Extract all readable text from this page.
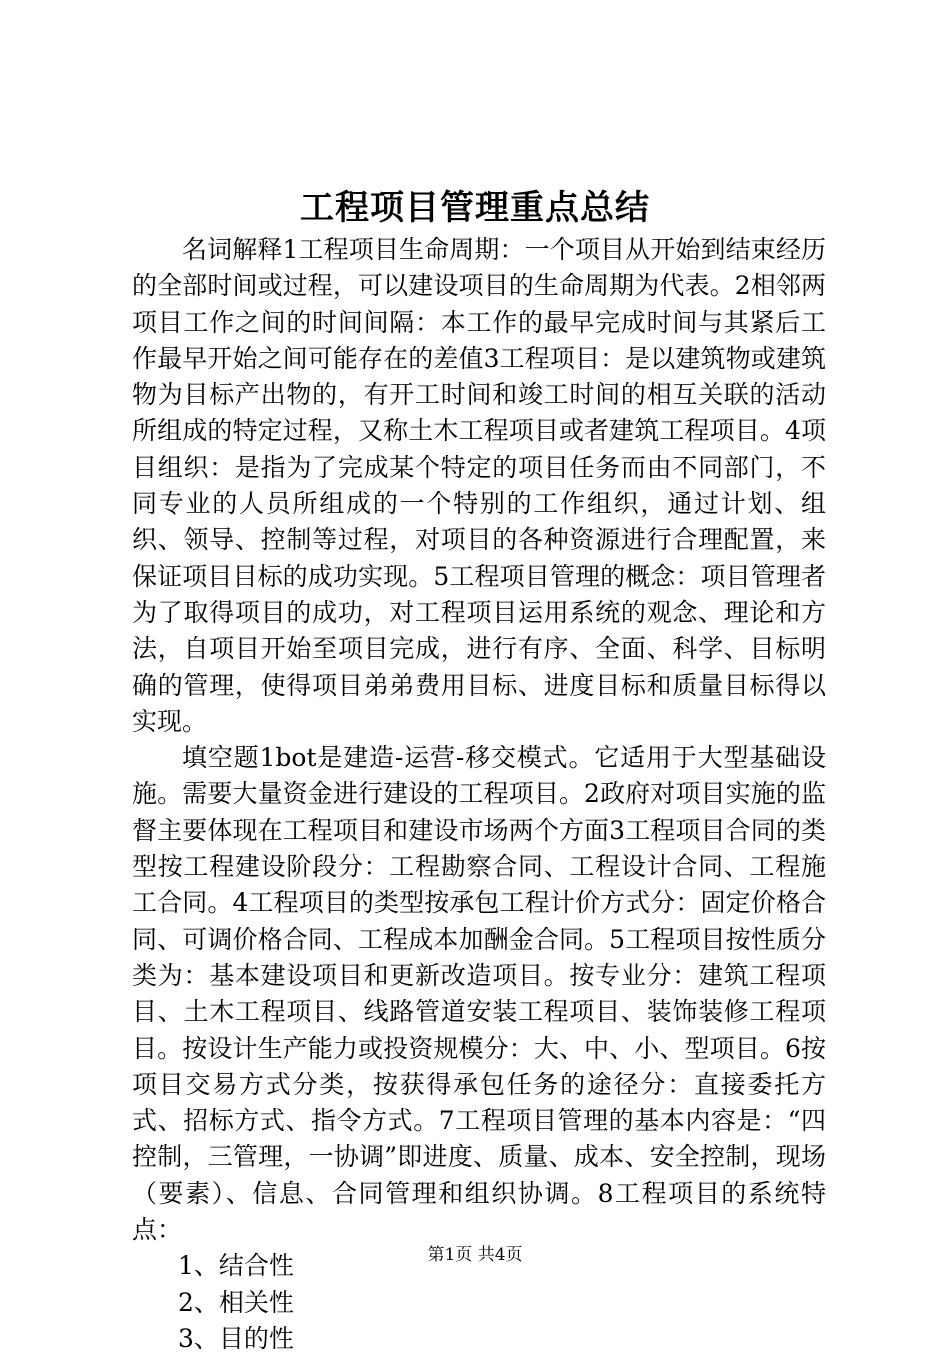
工程项目管理重点总结

名词解释1工程项目生命周期：一个项目从开始到结束经历的全部时间或过程，可以建设项目的生命周期为代表。2相邻两项目工作之间的时间间隔：本工作的最早完成时间与其紧后工作最早开始之间可能存在的差值3工程项目：是以建筑物或建筑物为目标产出物的，有开工时间和竣工时间的相互关联的活动所组成的特定过程，又称土木工程项目或者建筑工程项目。4项目组织：是指为了完成某个特定的项目任务而由不同部门，不同专业的人员所组成的一个特别的工作组织，通过计划、组织、领导、控制等过程，对项目的各种资源进行合理配置，来保证项目目标的成功实现。5工程项目管理的概念：项目管理者为了取得项目的成功，对工程项目运用系统的观念、理论和方法，自项目开始至项目完成，进行有序、全面、科学、目标明确的管理，使得项目弟弟费用目标、进度目标和质量目标得以实现。

填空题1bot是建造-运营-移交模式。它适用于大型基础设施。需要大量资金进行建设的工程项目。2政府对项目实施的监督主要体现在工程项目和建设市场两个方面3工程项目合同的类型按工程建设阶段分：工程勘察合同、工程设计合同、工程施工合同。4工程项目的类型按承包工程计价方式分：固定价格合同、可调价格合同、工程成本加酬金合同。5工程项目按性质分类为：基本建设项目和更新改造项目。按专业分：建筑工程项目、土木工程项目、线路管道安装工程项目、装饰装修工程项目。按设计生产能力或投资规模分：大、中、小、型项目。6按项目交易方式分类，按获得承包任务的途径分：直接委托方式、招标方式、指令方式。7工程项目管理的基本内容是：“四控制，三管理，一协调”即进度、质量、成本、安全控制，现场（要素）、信息、合同管理和组织协调。8工程项目的系统特点：

1、结合性
2、相关性
3、目的性
第1页 共4页
